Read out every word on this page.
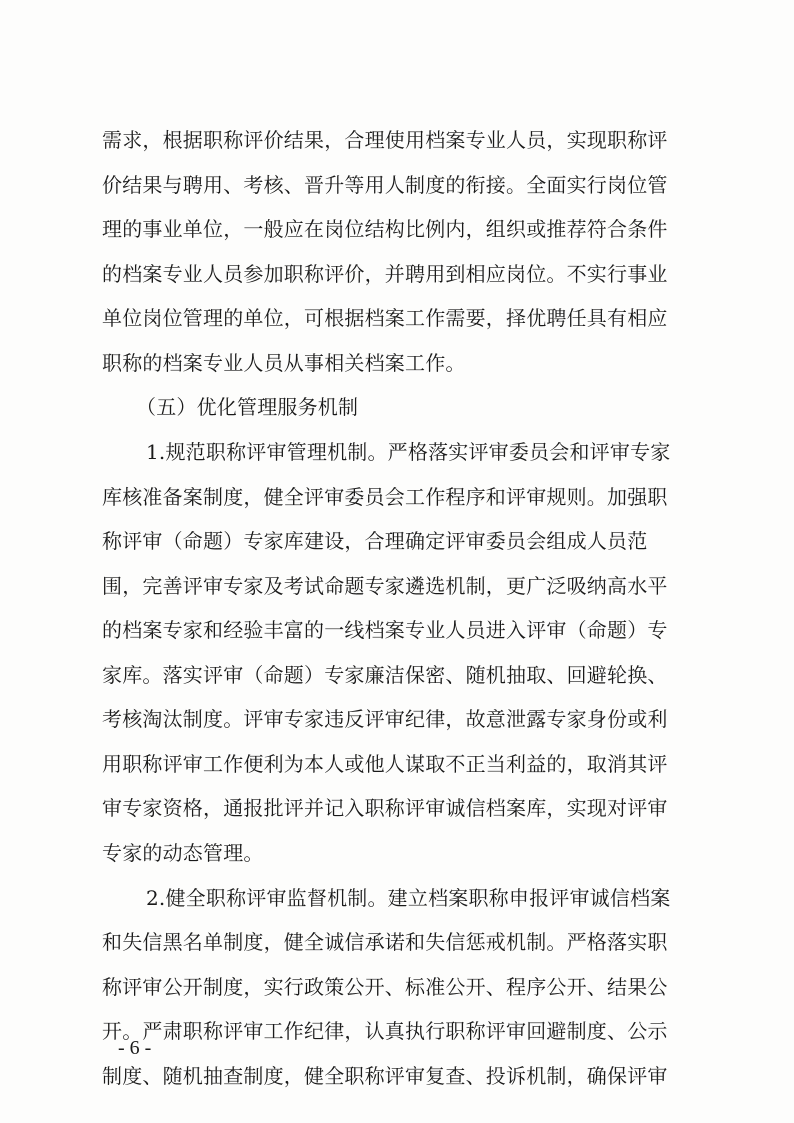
需求，根据职称评价结果，合理使用档案专业人员，实现职称评
价结果与聘用、考核、晋升等用人制度的衔接。全面实行岗位管
理的事业单位，一般应在岗位结构比例内，组织或推荐符合条件
的档案专业人员参加职称评价，并聘用到相应岗位。不实行事业
单位岗位管理的单位，可根据档案工作需要，择优聘任具有相应
职称的档案专业人员从事相关档案工作。
（五）优化管理服务机制
1.规范职称评审管理机制。严格落实评审委员会和评审专家
库核准备案制度，健全评审委员会工作程序和评审规则。加强职
称评审（命题）专家库建设，合理确定评审委员会组成人员范
围，完善评审专家及考试命题专家遴选机制，更广泛吸纳高水平
的档案专家和经验丰富的一线档案专业人员进入评审（命题）专
家库。落实评审（命题）专家廉洁保密、随机抽取、回避轮换、
考核淘汰制度。评审专家违反评审纪律，故意泄露专家身份或利
用职称评审工作便利为本人或他人谋取不正当利益的，取消其评
审专家资格，通报批评并记入职称评审诚信档案库，实现对评审
专家的动态管理。
2.健全职称评审监督机制。建立档案职称申报评审诚信档案
和失信黑名单制度，健全诚信承诺和失信惩戒机制。严格落实职
称评审公开制度，实行政策公开、标准公开、程序公开、结果公
开。严肃职称评审工作纪律，认真执行职称评审回避制度、公示
制度、随机抽查制度，健全职称评审复查、投诉机制，确保评审
- 6 -
